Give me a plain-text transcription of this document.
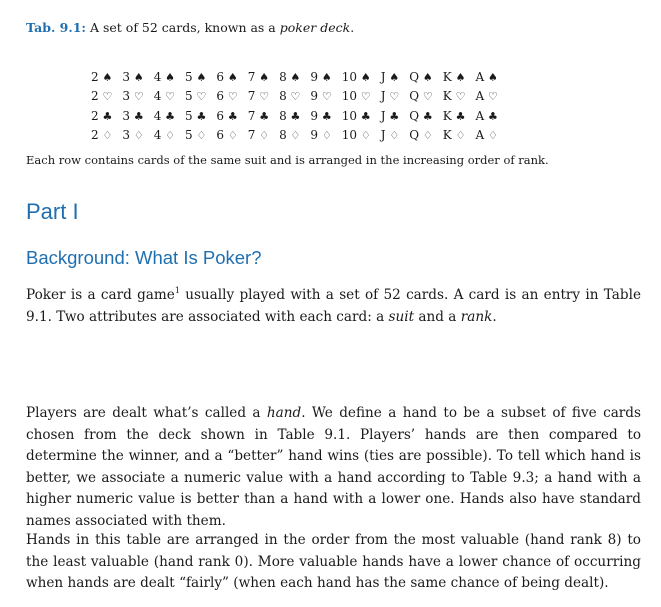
Tab. 9.1: A set of 52 cards, known as a poker deck.
2 ♠	3 ♠	4 ♠	5 ♠	6 ♠	7 ♠	8 ♠	9 ♠	10 ♠	J ♠	Q ♠	K ♠	A ♠
2 ♡	3 ♡	4 ♡	5 ♡	6 ♡	7 ♡	8 ♡	9 ♡	10 ♡	J ♡	Q ♡	K ♡	A ♡
2 ♣	3 ♣	4 ♣	5 ♣	6 ♣	7 ♣	8 ♣	9 ♣	10 ♣	J ♣	Q ♣	K ♣	A ♣
2 ♢	3 ♢	4 ♢	5 ♢	6 ♢	7 ♢	8 ♢	9 ♢	10 ♢	J ♢	Q ♢	K ♢	A ♢
Each row contains cards of the same suit and is arranged in the increasing order of rank.
Part I
Background: What Is Poker?

Poker is a card game$^1$ usually played with a set of 52 cards. A card is an entry in Table 9.1. Two attributes are associated with each card: a suit and a rank.

Players are dealt what’s called a hand. We define a hand to be a subset of five cards chosen from the deck shown in Table 9.1. Players’ hands are then compared to determine the winner, and a “better” hand wins (ties are possible). To tell which hand is better, we associate a numeric value with a hand according to Table 9.3; a hand with a higher numeric value is better than a hand with a lower one. Hands also have standard names associated with them.

Hands in this table are arranged in the order from the most valuable (hand rank 8) to the least valuable (hand rank 0). More valuable hands have a lower chance of occurring when hands are dealt “fairly” (when each hand has the same chance of being dealt).
